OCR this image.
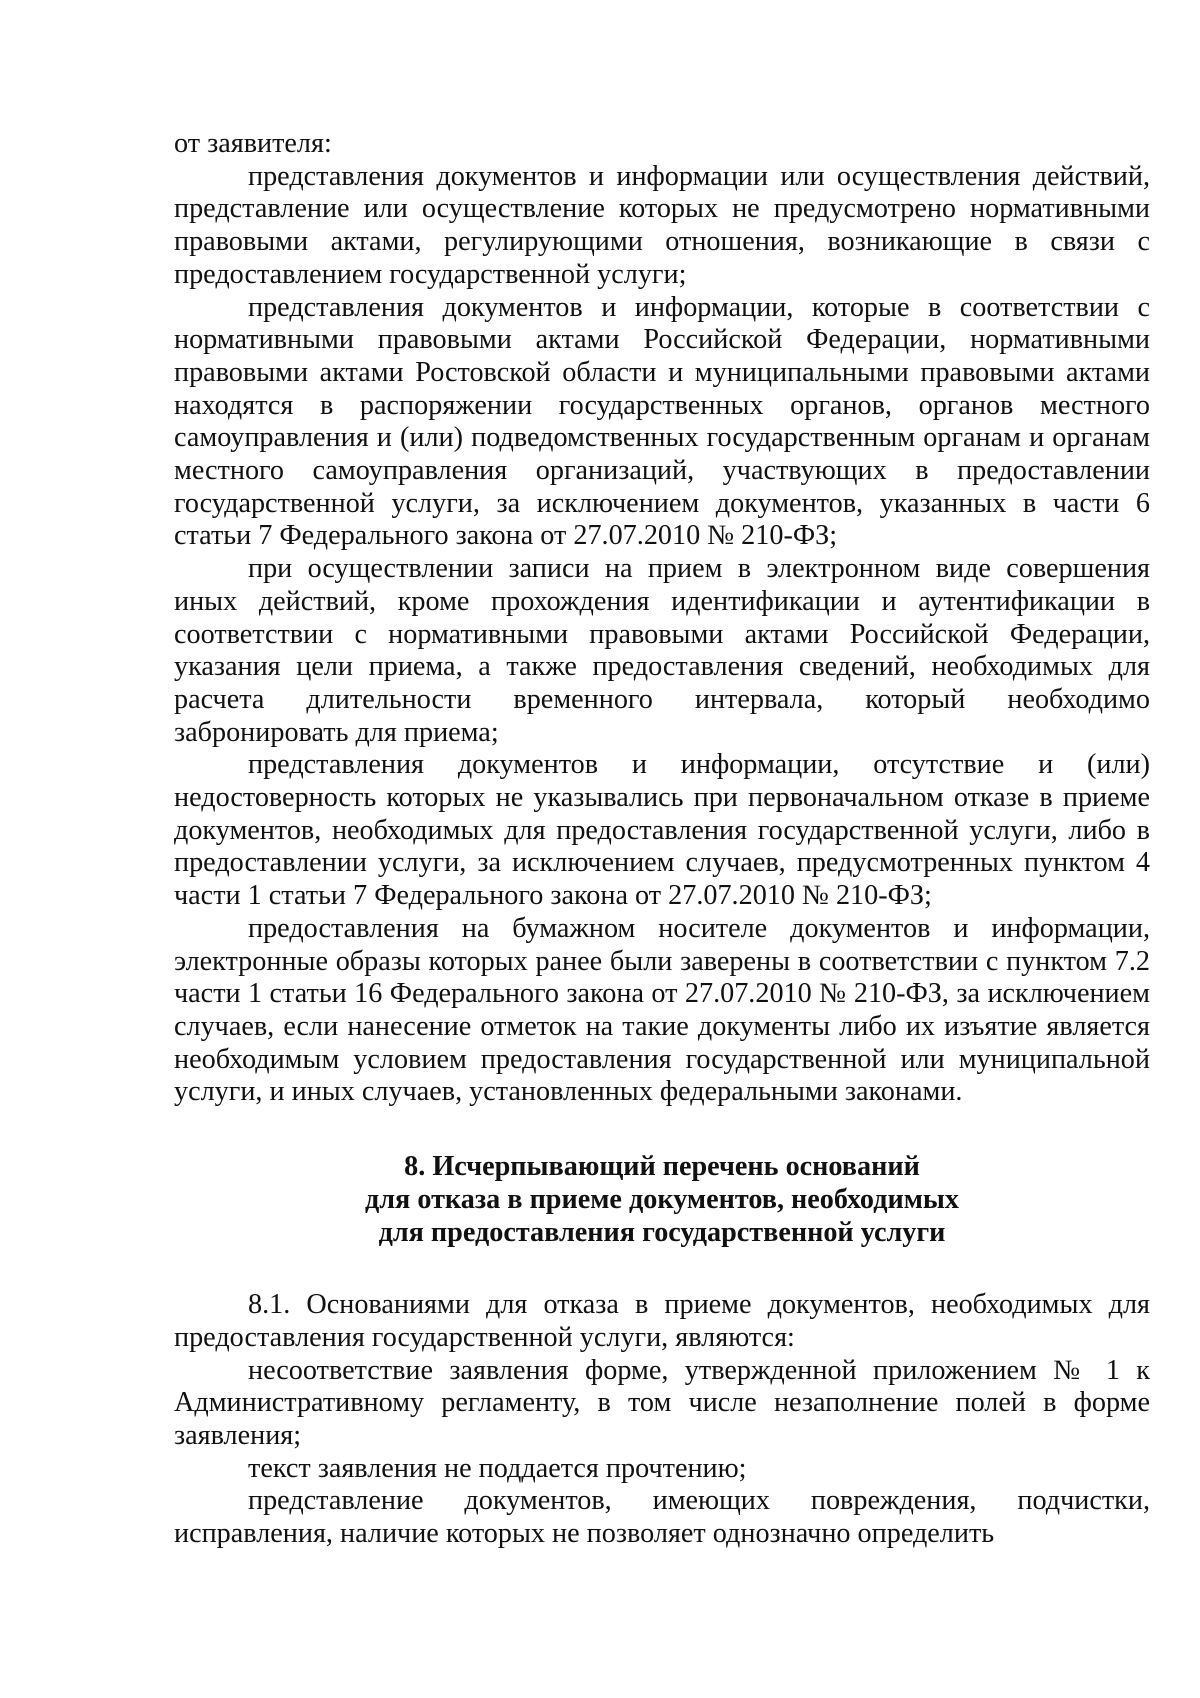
от заявителя:

представления документов и информации или осуществления действий, представление или осуществление которых не предусмотрено нормативными правовыми актами, регулирующими отношения, возникающие в связи с предоставлением государственной услуги;

представления документов и информации, которые в соответствии с нормативными правовыми актами Российской Федерации, нормативными правовыми актами Ростовской области и муниципальными правовыми актами находятся в распоряжении государственных органов, органов местного самоуправления и (или) подведомственных государственным органам и органам местного самоуправления организаций, участвующих в предоставлении государственной услуги, за исключением документов, указанных в части 6 статьи 7 Федерального закона от 27.07.2010 № 210-ФЗ;

при осуществлении записи на прием в электронном виде совершения иных действий, кроме прохождения идентификации и аутентификации в соответствии с нормативными правовыми актами Российской Федерации, указания цели приема, а также предоставления сведений, необходимых для расчета длительности временного интервала, который необходимо забронировать для приема;

представления документов и информации, отсутствие и (или) недостоверность которых не указывались при первоначальном отказе в приеме документов, необходимых для предоставления государственной услуги, либо в предоставлении услуги, за исключением случаев, предусмотренных пунктом 4 части 1 статьи 7 Федерального закона от 27.07.2010 № 210-ФЗ;

предоставления на бумажном носителе документов и информации, электронные образы которых ранее были заверены в соответствии с пунктом 7.2 части 1 статьи 16 Федерального закона от 27.07.2010 № 210-ФЗ, за исключением случаев, если нанесение отметок на такие документы либо их изъятие является необходимым условием предоставления государственной или муниципальной услуги, и иных случаев, установленных федеральными законами.

8. Исчерпывающий перечень оснований
для отказа в приеме документов, необходимых
для предоставления государственной услуги

8.1. Основаниями для отказа в приеме документов, необходимых для предоставления государственной услуги, являются:

несоответствие заявления форме, утвержденной приложением № 1 к Административному регламенту, в том числе незаполнение полей в форме заявления;

текст заявления не поддается прочтению;

представление документов, имеющих повреждения, подчистки, исправления, наличие которых не позволяет однозначно определить
